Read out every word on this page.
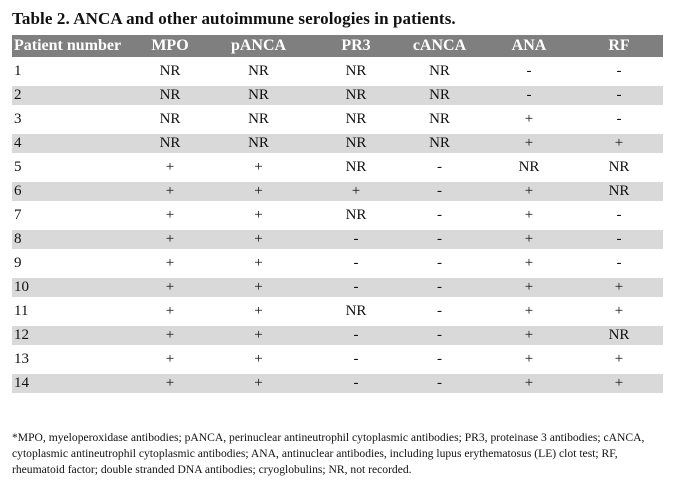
Table 2. ANCA and other autoimmune serologies in patients.
Patient number	MPO	pANCA	PR3	cANCA	ANA	RF
1	NR	NR	NR	NR	-	-
2	NR	NR	NR	NR	-	-
3	NR	NR	NR	NR	+	-
4	NR	NR	NR	NR	+	+
5	+	+	NR	-	NR	NR
6	+	+	+	-	+	NR
7	+	+	NR	-	+	-
8	+	+	-	-	+	-
9	+	+	-	-	+	-
10	+	+	-	-	+	+
11	+	+	NR	-	+	+
12	+	+	-	-	+	NR
13	+	+	-	-	+	+
14	+	+	-	-	+	+
*MPO, myeloperoxidase antibodies; pANCA, perinuclear antineutrophil cytoplasmic antibodies; PR3, proteinase 3 antibodies; cANCA, cytoplasmic antineutrophil cytoplasmic antibodies; ANA, antinuclear antibodies, including lupus erythematosus (LE) clot test; RF, rheumatoid factor; double stranded DNA antibodies; cryoglobulins; NR, not recorded.
